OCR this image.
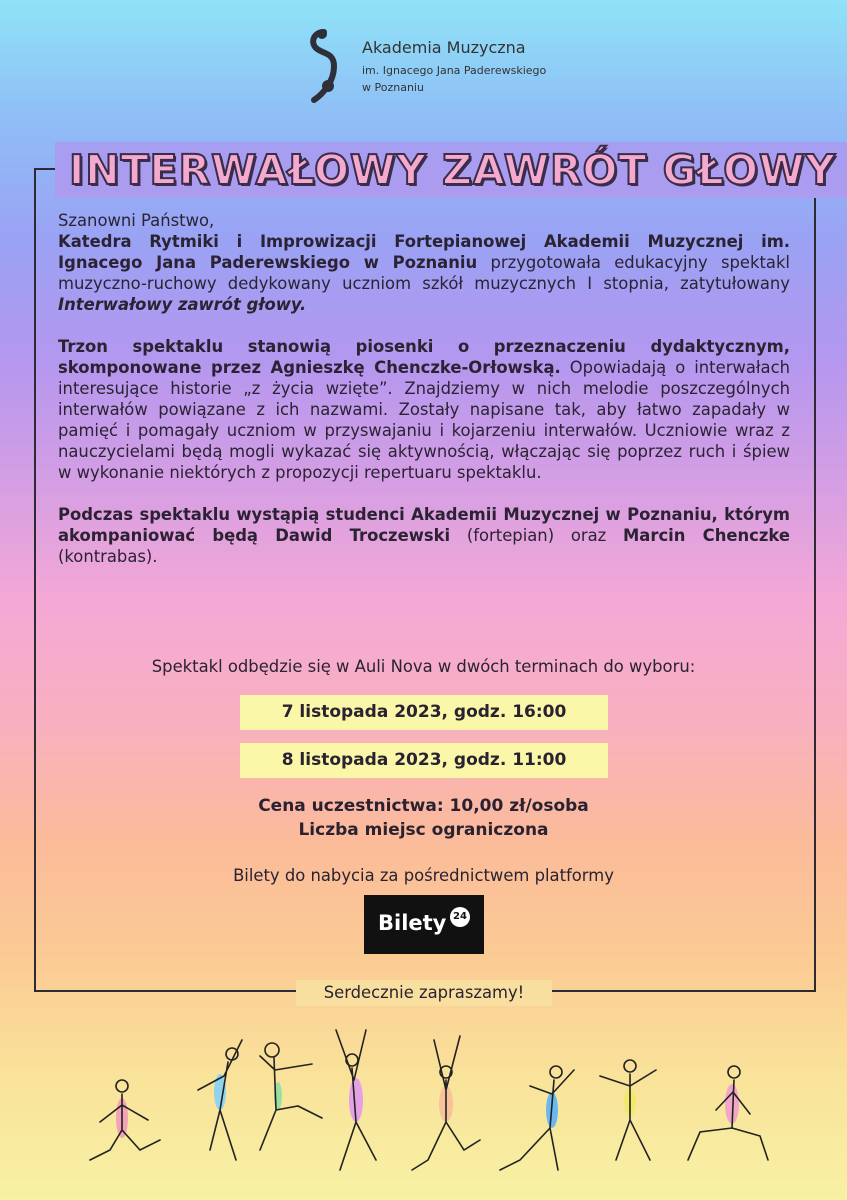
Akademia Muzyczna
im. Ignacego Jana Paderewskiego
w Poznaniu
INTERWAŁOWY ZAWRÓT GŁOWY

Szanowni Państwo,
Katedra Rytmiki i Improwizacji Fortepianowej Akademii Muzycznej im. Ignacego Jana Paderewskiego w Poznaniu przygotowała edukacyjny spektakl muzyczno-ruchowy dedykowany uczniom szkół muzycznych I stopnia, zatytułowany Interwałowy zawrót głowy.

Trzon spektaklu stanowią piosenki o przeznaczeniu dydaktycznym, skomponowane przez Agnieszkę Chenczke-Orłowską. Opowiadają o interwałach interesujące historie „z życia wzięte”. Znajdziemy w nich melodie poszczególnych interwałów powiązane z ich nazwami. Zostały napisane tak, aby łatwo zapadały w pamięć i pomagały uczniom w przyswajaniu i kojarzeniu interwałów. Uczniowie wraz z nauczycielami będą mogli wykazać się aktywnością, włączając się poprzez ruch i śpiew w wykonanie niektórych z propozycji repertuaru spektaklu.

Podczas spektaklu wystąpią studenci Akademii Muzycznej w Poznaniu, którym akompaniować będą Dawid Troczewski (fortepian) oraz Marcin Chenczke (kontrabas).

Spektakl odbędzie się w Auli Nova w dwóch terminach do wyboru:
7 listopada 2023, godz. 16:00
8 listopada 2023, godz. 11:00
Cena uczestnictwa: 10,00 zł/osoba
Liczba miejsc ograniczona
Bilety do nabycia za pośrednictwem platformy
Bilety 24
Serdecznie zapraszamy!
